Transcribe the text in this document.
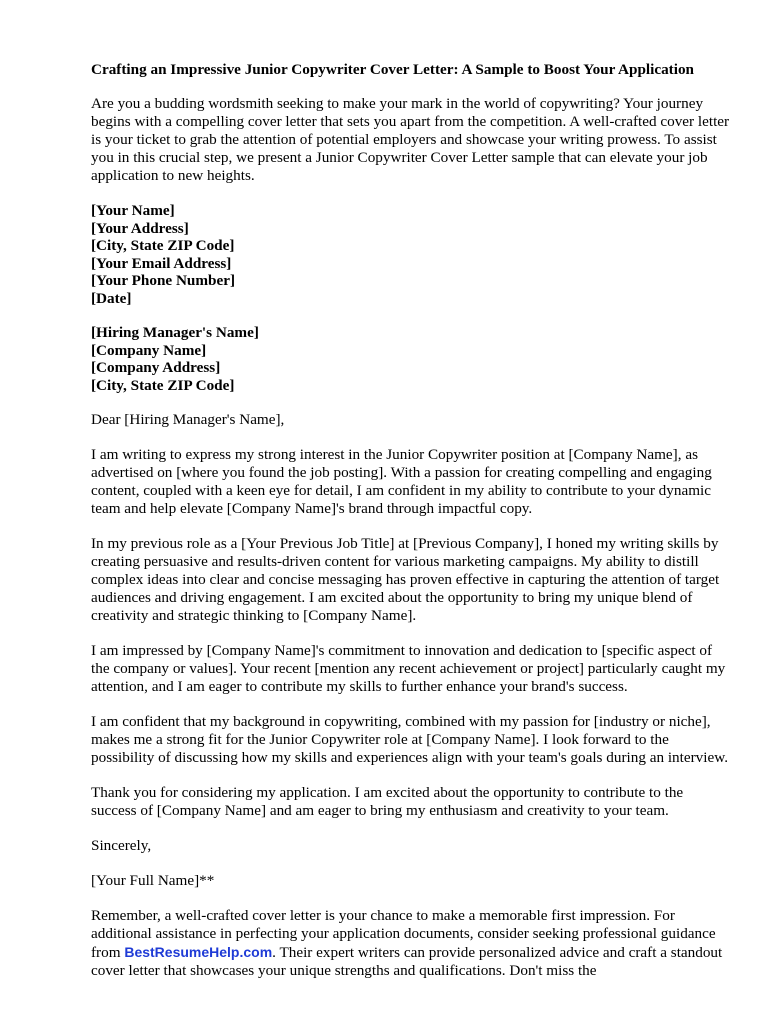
Crafting an Impressive Junior Copywriter Cover Letter: A Sample to Boost Your Application

Are you a budding wordsmith seeking to make your mark in the world of copywriting? Your journey begins with a compelling cover letter that sets you apart from the competition. A well-crafted cover letter is your ticket to grab the attention of potential employers and showcase your writing prowess. To assist you in this crucial step, we present a Junior Copywriter Cover Letter sample that can elevate your job application to new heights.

[Your Name]
[Your Address]
[City, State ZIP Code]
[Your Email Address]
[Your Phone Number]
[Date]
[Hiring Manager's Name]
[Company Name]
[Company Address]
[City, State ZIP Code]

Dear [Hiring Manager's Name],

I am writing to express my strong interest in the Junior Copywriter position at [Company Name], as advertised on [where you found the job posting]. With a passion for creating compelling and engaging content, coupled with a keen eye for detail, I am confident in my ability to contribute to your dynamic team and help elevate [Company Name]'s brand through impactful copy.

In my previous role as a [Your Previous Job Title] at [Previous Company], I honed my writing skills by creating persuasive and results-driven content for various marketing campaigns. My ability to distill complex ideas into clear and concise messaging has proven effective in capturing the attention of target audiences and driving engagement. I am excited about the opportunity to bring my unique blend of creativity and strategic thinking to [Company Name].

I am impressed by [Company Name]'s commitment to innovation and dedication to [specific aspect of the company or values]. Your recent [mention any recent achievement or project] particularly caught my attention, and I am eager to contribute my skills to further enhance your brand's success.

I am confident that my background in copywriting, combined with my passion for [industry or niche], makes me a strong fit for the Junior Copywriter role at [Company Name]. I look forward to the possibility of discussing how my skills and experiences align with your team's goals during an interview.

Thank you for considering my application. I am excited about the opportunity to contribute to the success of [Company Name] and am eager to bring my enthusiasm and creativity to your team.

Sincerely,

[Your Full Name]**

Remember, a well-crafted cover letter is your chance to make a memorable first impression. For additional assistance in perfecting your application documents, consider seeking professional guidance from BestResumeHelp.com. Their expert writers can provide personalized advice and craft a standout cover letter that showcases your unique strengths and qualifications. Don't miss the
